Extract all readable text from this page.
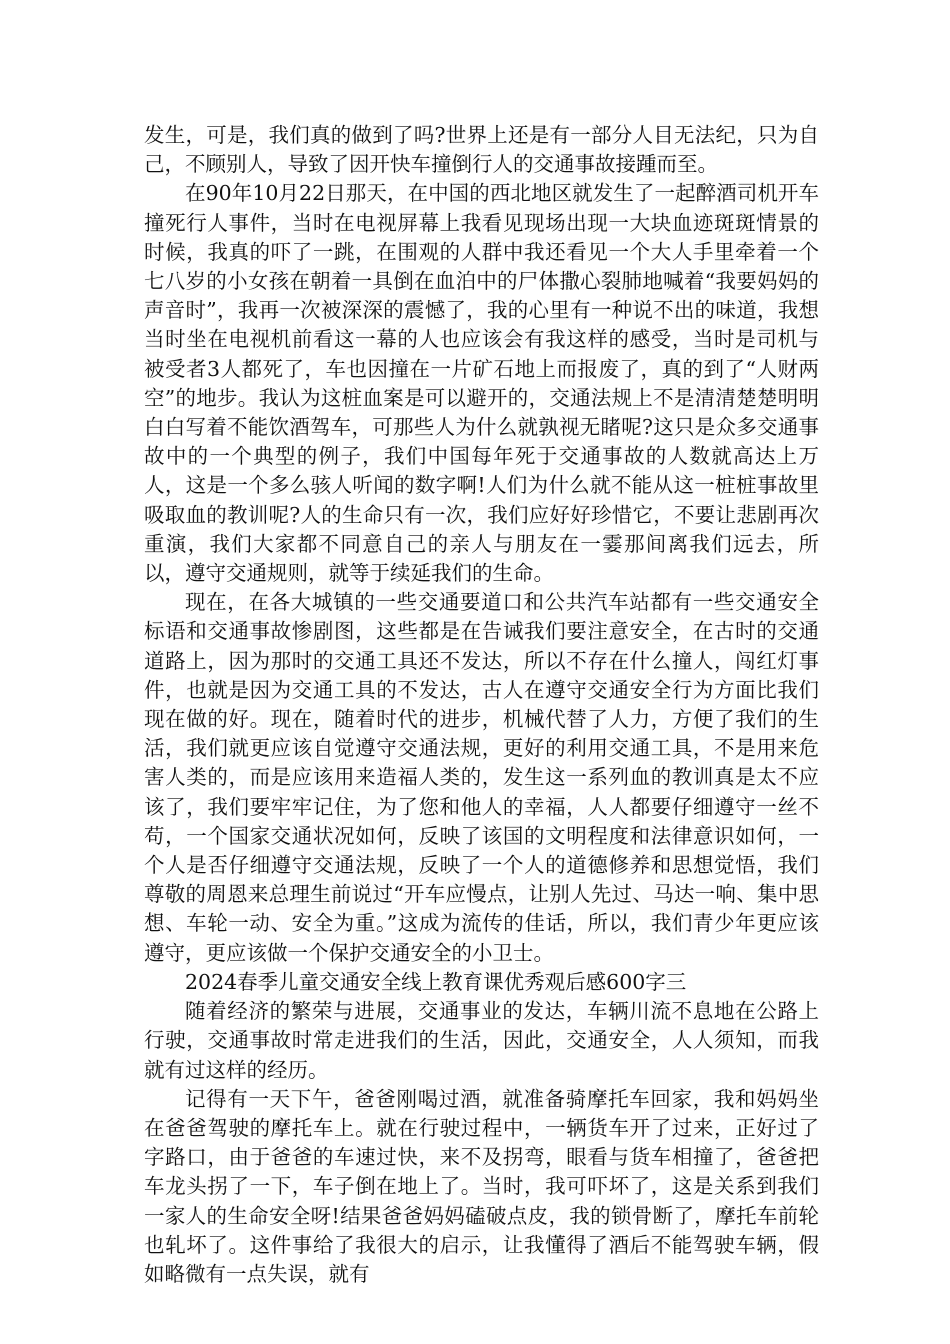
发生，可是，我们真的做到了吗?世界上还是有一部分人目无法纪，只为自己，不顾别人，导致了因开快车撞倒行人的交通事故接踵而至。

在90年10月22日那天，在中国的西北地区就发生了一起醉酒司机开车撞死行人事件，当时在电视屏幕上我看见现场出现一大块血迹斑斑情景的时候，我真的吓了一跳，在围观的人群中我还看见一个大人手里牵着一个七八岁的小女孩在朝着一具倒在血泊中的尸体撒心裂肺地喊着“我要妈妈的声音时”，我再一次被深深的震憾了，我的心里有一种说不出的味道，我想当时坐在电视机前看这一幕的人也应该会有我这样的感受，当时是司机与被受者3人都死了，车也因撞在一片矿石地上而报废了，真的到了“人财两空”的地步。我认为这桩血案是可以避开的，交通法规上不是清清楚楚明明白白写着不能饮酒驾车，可那些人为什么就孰视无睹呢?这只是众多交通事故中的一个典型的例子，我们中国每年死于交通事故的人数就高达上万人，这是一个多么骇人听闻的数字啊!人们为什么就不能从这一桩桩事故里吸取血的教训呢?人的生命只有一次，我们应好好珍惜它，不要让悲剧再次重演，我们大家都不同意自己的亲人与朋友在一霎那间离我们远去，所以，遵守交通规则，就等于续延我们的生命。

现在，在各大城镇的一些交通要道口和公共汽车站都有一些交通安全标语和交通事故惨剧图，这些都是在告诫我们要注意安全，在古时的交通道路上，因为那时的交通工具还不发达，所以不存在什么撞人，闯红灯事件，也就是因为交通工具的不发达，古人在遵守交通安全行为方面比我们现在做的好。现在，随着时代的进步，机械代替了人力，方便了我们的生活，我们就更应该自觉遵守交通法规，更好的利用交通工具，不是用来危害人类的，而是应该用来造福人类的，发生这一系列血的教训真是太不应该了，我们要牢牢记住，为了您和他人的幸福，人人都要仔细遵守一丝不苟，一个国家交通状况如何，反映了该国的文明程度和法律意识如何，一个人是否仔细遵守交通法规，反映了一个人的道德修养和思想觉悟，我们尊敬的周恩来总理生前说过“开车应慢点，让别人先过、马达一响、集中思想、车轮一动、安全为重。”这成为流传的佳话，所以，我们青少年更应该遵守，更应该做一个保护交通安全的小卫士。

2024春季儿童交通安全线上教育课优秀观后感600字三

随着经济的繁荣与进展，交通事业的发达，车辆川流不息地在公路上行驶，交通事故时常走进我们的生活，因此，交通安全，人人须知，而我就有过这样的经历。

记得有一天下午，爸爸刚喝过酒，就准备骑摩托车回家，我和妈妈坐在爸爸驾驶的摩托车上。就在行驶过程中，一辆货车开了过来，正好过了字路口，由于爸爸的车速过快，来不及拐弯，眼看与货车相撞了，爸爸把车龙头拐了一下，车子倒在地上了。当时，我可吓坏了，这是关系到我们一家人的生命安全呀!结果爸爸妈妈磕破点皮，我的锁骨断了，摩托车前轮也轧坏了。这件事给了我很大的启示，让我懂得了酒后不能驾驶车辆，假如略微有一点失误，就有
